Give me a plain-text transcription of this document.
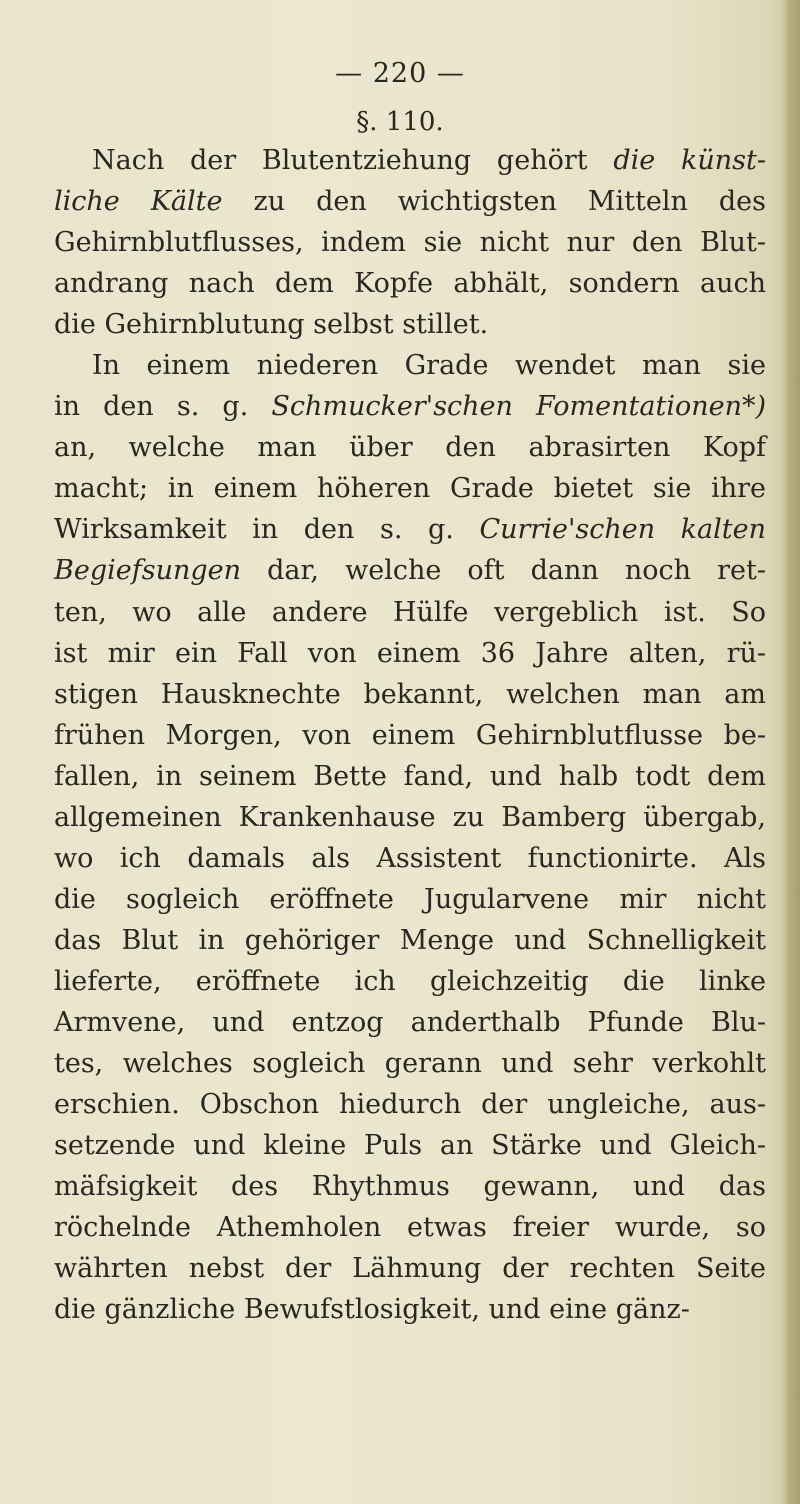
— 220 —
§. 110.
Nach der Blutentziehung gehört die künst-
liche Kälte zu den wichtigsten Mitteln des
Gehirnblutflusses, indem sie nicht nur den Blut-
andrang nach dem Kopfe abhält, sondern auch
die Gehirnblutung selbst stillet.
In einem niederen Grade wendet man sie
in den s. g. Schmucker'schen Fomentationen*)
an, welche man über den abrasirten Kopf
macht; in einem höheren Grade bietet sie ihre
Wirksamkeit in den s. g. Currie'schen kalten
Begiefsungen dar, welche oft dann noch ret-
ten, wo alle andere Hülfe vergeblich ist. So
ist mir ein Fall von einem 36 Jahre alten, rü-
stigen Hausknechte bekannt, welchen man am
frühen Morgen, von einem Gehirnblutflusse be-
fallen, in seinem Bette fand, und halb todt dem
allgemeinen Krankenhause zu Bamberg übergab,
wo ich damals als Assistent functionirte. Als
die sogleich eröffnete Jugularvene mir nicht
das Blut in gehöriger Menge und Schnelligkeit
lieferte, eröffnete ich gleichzeitig die linke
Armvene, und entzog anderthalb Pfunde Blu-
tes, welches sogleich gerann und sehr verkohlt
erschien. Obschon hiedurch der ungleiche, aus-
setzende und kleine Puls an Stärke und Gleich-
mäfsigkeit des Rhythmus gewann, und das
röchelnde Athemholen etwas freier wurde, so
währten nebst der Lähmung der rechten Seite
die gänzliche Bewufstlosigkeit, und eine gänz-
